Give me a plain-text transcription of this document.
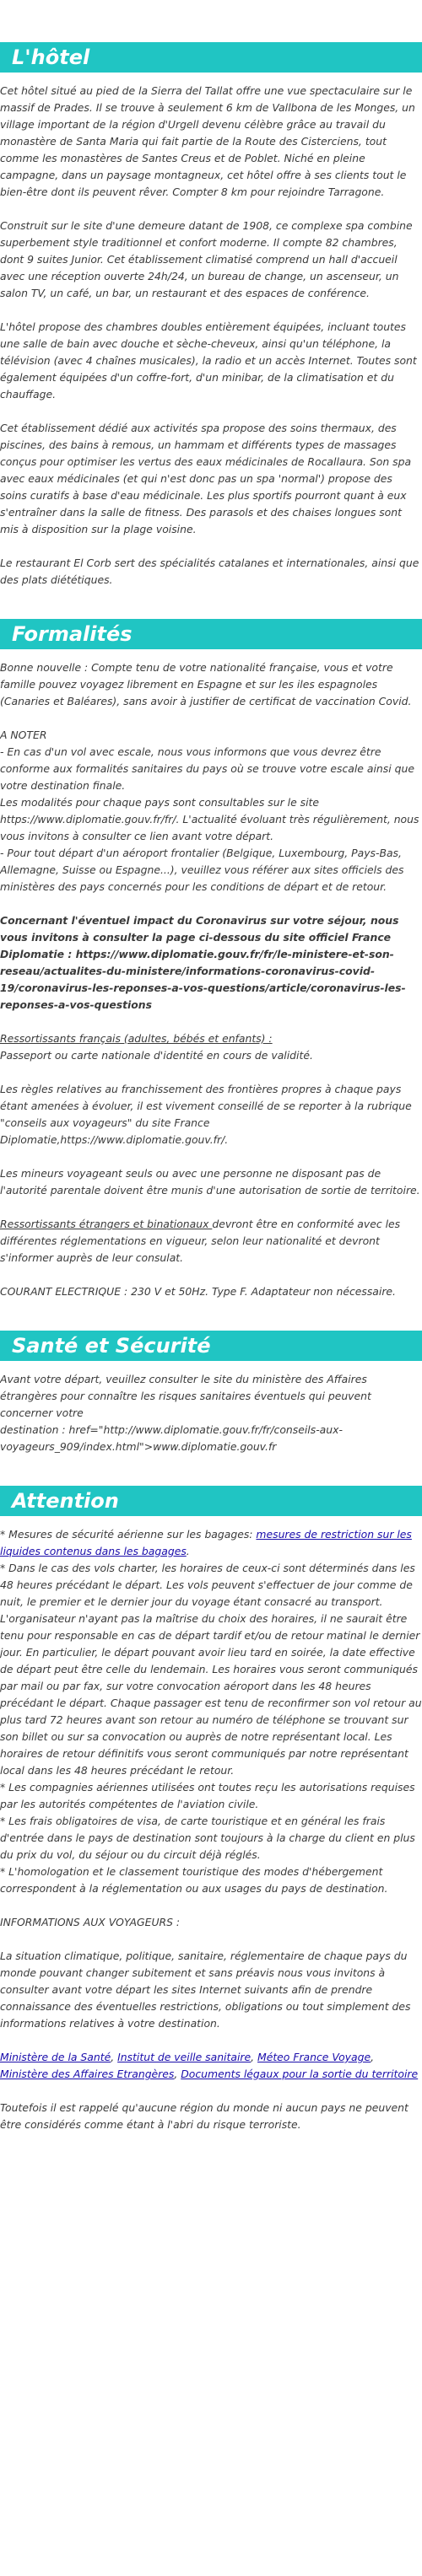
L'hôtel

Cet hôtel situé au pied de la Sierra del Tallat offre une vue spectaculaire sur le massif de Prades. Il se trouve à seulement 6 km de Vallbona de les Monges, un village important de la région d'Urgell devenu célèbre grâce au travail du monastère de Santa Maria qui fait partie de la Route des Cisterciens, tout comme les monastères de Santes Creus et de Poblet. Niché en pleine campagne, dans un paysage montagneux, cet hôtel offre à ses clients tout le bien-être dont ils peuvent rêver. Compter 8 km pour rejoindre Tarragone.

Construit sur le site d'une demeure datant de 1908, ce complexe spa combine superbement style traditionnel et confort moderne. Il compte 82 chambres, dont 9 suites Junior. Cet établissement climatisé comprend un hall d'accueil avec une réception ouverte 24h/24, un bureau de change, un ascenseur, un salon TV, un café, un bar, un restaurant et des espaces de conférence.

L'hôtel propose des chambres doubles entièrement équipées, incluant toutes une salle de bain avec douche et sèche-cheveux, ainsi qu'un téléphone, la télévision (avec 4 chaînes musicales), la radio et un accès Internet. Toutes sont également équipées d'un coffre-fort, d'un minibar, de la climatisation et du chauffage.

Cet établissement dédié aux activités spa propose des soins thermaux, des piscines, des bains à remous, un hammam et différents types de massages conçus pour optimiser les vertus des eaux médicinales de Rocallaura. Son spa avec eaux médicinales (et qui n'est donc pas un spa 'normal') propose des soins curatifs à base d'eau médicinale. Les plus sportifs pourront quant à eux s'entraîner dans la salle de fitness. Des parasols et des chaises longues sont mis à disposition sur la plage voisine.

Le restaurant El Corb sert des spécialités catalanes et internationales, ainsi que des plats diététiques.

Formalités

Bonne nouvelle : Compte tenu de votre nationalité française, vous et votre famille pouvez voyagez librement en Espagne et sur les iles espagnoles (Canaries et Baléares), sans avoir à justifier de certificat de vaccination Covid.

A NOTER

- En cas d'un vol avec escale, nous vous informons que vous devrez être conforme aux formalités sanitaires du pays où se trouve votre escale ainsi que votre destination finale.

Les modalités pour chaque pays sont consultables sur le site https://www.diplomatie.gouv.fr/fr/. L'actualité évoluant très régulièrement, nous vous invitons à consulter ce lien avant votre départ.

- Pour tout départ d'un aéroport frontalier (Belgique, Luxembourg, Pays-Bas, Allemagne, Suisse ou Espagne...), veuillez vous référer aux sites officiels des ministères des pays concernés pour les conditions de départ et de retour.

Concernant l'éventuel impact du Coronavirus sur votre séjour, nous vous invitons à consulter la page ci-dessous du site officiel France Diplomatie : https://www.diplomatie.gouv.fr/fr/le-ministere-et-son-reseau/actualites-du-ministere/informations-coronavirus-covid-19/coronavirus-les-reponses-a-vos-questions/article/coronavirus-les-reponses-a-vos-questions

Ressortissants français (adultes, bébés et enfants) :
Passeport ou carte nationale d'identité en cours de validité.

Les règles relatives au franchissement des frontières propres à chaque pays étant amenées à évoluer, il est vivement conseillé de se reporter à la rubrique "conseils aux voyageurs" du site France Diplomatie,https://www.diplomatie.gouv.fr/.

Les mineurs voyageant seuls ou avec une personne ne disposant pas de l'autorité parentale doivent être munis d'une autorisation de sortie de territoire.

Ressortissants étrangers et binationaux devront être en conformité avec les différentes réglementations en vigueur, selon leur nationalité et devront s'informer auprès de leur consulat.

COURANT ELECTRIQUE : 230 V et 50Hz. Type F. Adaptateur non nécessaire.

Santé et Sécurité

Avant votre départ, veuillez consulter le site du ministère des Affaires étrangères pour connaître les risques sanitaires éventuels qui peuvent concerner votre
destination : href="http://www.diplomatie.gouv.fr/fr/conseils-aux-voyageurs_909/index.html">www.diplomatie.gouv.fr

Attention

* Mesures de sécurité aérienne sur les bagages: mesures de restriction sur les liquides contenus dans les bagages.

* Dans le cas des vols charter, les horaires de ceux-ci sont déterminés dans les 48 heures précédant le départ. Les vols peuvent s'effectuer de jour comme de nuit, le premier et le dernier jour du voyage étant consacré au transport. L'organisateur n'ayant pas la maîtrise du choix des horaires, il ne saurait être tenu pour responsable en cas de départ tardif et/ou de retour matinal le dernier jour. En particulier, le départ pouvant avoir lieu tard en soirée, la date effective de départ peut être celle du lendemain. Les horaires vous seront communiqués par mail ou par fax, sur votre convocation aéroport dans les 48 heures précédant le départ. Chaque passager est tenu de reconfirmer son vol retour au plus tard 72 heures avant son retour au numéro de téléphone se trouvant sur son billet ou sur sa convocation ou auprès de notre représentant local. Les horaires de retour définitifs vous seront communiqués par notre représentant local dans les 48 heures précédant le retour.

* Les compagnies aériennes utilisées ont toutes reçu les autorisations requises par les autorités compétentes de l'aviation civile.

* Les frais obligatoires de visa, de carte touristique et en général les frais d'entrée dans le pays de destination sont toujours à la charge du client en plus du prix du vol, du séjour ou du circuit déjà réglés.

* L'homologation et le classement touristique des modes d'hébergement correspondent à la réglementation ou aux usages du pays de destination.

INFORMATIONS AUX VOYAGEURS :

La situation climatique, politique, sanitaire, réglementaire de chaque pays du monde pouvant changer subitement et sans préavis nous vous invitons à consulter avant votre départ les sites Internet suivants afin de prendre connaissance des éventuelles restrictions, obligations ou tout simplement des informations relatives à votre destination.

Ministère de la Santé, Institut de veille sanitaire, Méteo France Voyage, Ministère des Affaires Etrangères, Documents légaux pour la sortie du territoire

Toutefois il est rappelé qu'aucune région du monde ni aucun pays ne peuvent être considérés comme étant à l'abri du risque terroriste.
